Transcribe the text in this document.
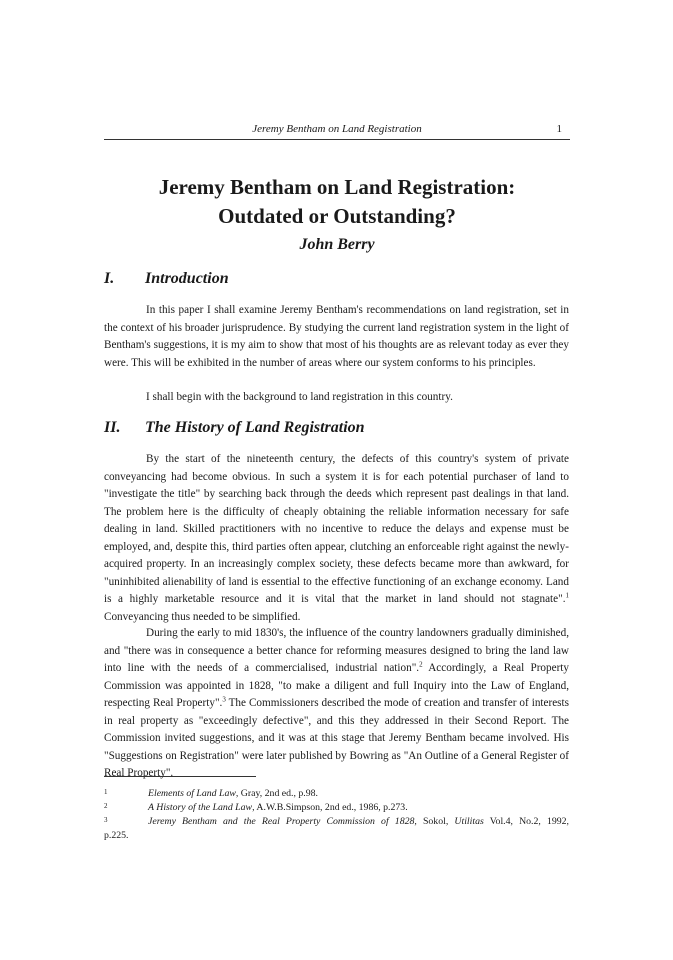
Jeremy Bentham on Land Registration	1
Jeremy Bentham on Land Registration:
Outdated or Outstanding?
John Berry
I. Introduction

In this paper I shall examine Jeremy Bentham's recommendations on land registration, set in the context of his broader jurisprudence. By studying the current land registration system in the light of Bentham's suggestions, it is my aim to show that most of his thoughts are as relevant today as ever they were. This will be exhibited in the number of areas where our system conforms to his principles.

I shall begin with the background to land registration in this country.

II. The History of Land Registration

By the start of the nineteenth century, the defects of this country's system of private conveyancing had become obvious. In such a system it is for each potential purchaser of land to "investigate the title" by searching back through the deeds which represent past dealings in that land. The problem here is the difficulty of cheaply obtaining the reliable information necessary for safe dealing in land. Skilled practitioners with no incentive to reduce the delays and expense must be employed, and, despite this, third parties often appear, clutching an enforceable right against the newly-acquired property. In an increasingly complex society, these defects became more than awkward, for "uninhibited alienability of land is essential to the effective functioning of an exchange economy. Land is a highly marketable resource and it is vital that the market in land should not stagnate".$^1$ Conveyancing thus needed to be simplified.

During the early to mid 1830's, the influence of the country landowners gradually diminished, and "there was in consequence a better chance for reforming measures designed to bring the land law into line with the needs of a commercialised, industrial nation".$^2$ Accordingly, a Real Property Commission was appointed in 1828, "to make a diligent and full Inquiry into the Law of England, respecting Real Property".$^3$ The Commissioners described the mode of creation and transfer of interests in real property as "exceedingly defective", and this they addressed in their Second Report. The Commission invited suggestions, and it was at this stage that Jeremy Bentham became involved. His "Suggestions on Registration" were later published by Bowring as "An Outline of a General Register of Real Property".

1	Elements of Land Law, Gray, 2nd ed., p.98.
2	A History of the Land Law, A.W.B.Simpson, 2nd ed., 1986, p.273.
3	Jeremy Bentham and the Real Property Commission of 1828, Sokol, Utilitas Vol.4, No.2, 1992,
p.225.
